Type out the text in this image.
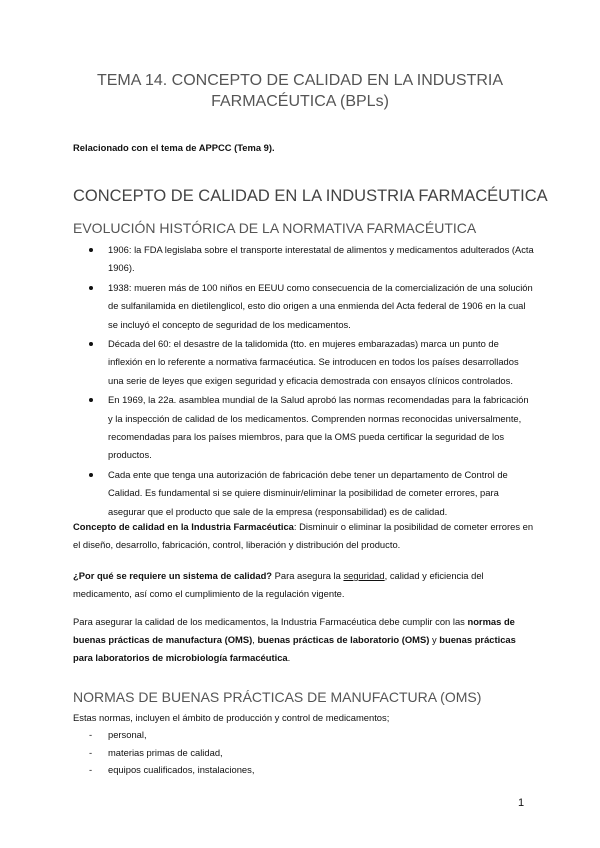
TEMA 14. CONCEPTO DE CALIDAD EN LA INDUSTRIA
FARMACÉUTICA (BPLs)
Relacionado con el tema de APPCC (Tema 9).
CONCEPTO DE CALIDAD EN LA INDUSTRIA FARMACÉUTICA
EVOLUCIÓN HISTÓRICA DE LA NORMATIVA FARMACÉUTICA
1906: la FDA legislaba sobre el transporte interestatal de alimentos y medicamentos adulterados (Acta 1906).
1938: mueren más de 100 niños en EEUU como consecuencia de la comercialización de una solución de sulfanilamida en dietilenglicol, esto dio origen a una enmienda del Acta federal de 1906 en la cual se incluyó el concepto de seguridad de los medicamentos.
Década del 60: el desastre de la talidomida (tto. en mujeres embarazadas) marca un punto de inflexión en lo referente a normativa farmacéutica. Se introducen en todos los países desarrollados una serie de leyes que exigen seguridad y eficacia demostrada con ensayos clínicos controlados.
En 1969, la 22a. asamblea mundial de la Salud aprobó las normas recomendadas para la fabricación y la inspección de calidad de los medicamentos. Comprenden normas reconocidas universalmente, recomendadas para los países miembros, para que la OMS pueda certificar la seguridad de los productos.
Cada ente que tenga una autorización de fabricación debe tener un departamento de Control de Calidad. Es fundamental si se quiere disminuir/eliminar la posibilidad de cometer errores, para asegurar que el producto que sale de la empresa (responsabilidad) es de calidad.
Concepto de calidad en la Industria Farmacéutica: Disminuir o eliminar la posibilidad de cometer errores en el diseño, desarrollo, fabricación, control, liberación y distribución del producto.
¿Por qué se requiere un sistema de calidad? Para asegura la seguridad, calidad y eficiencia del medicamento, así como el cumplimiento de la regulación vigente.
Para asegurar la calidad de los medicamentos, la Industria Farmacéutica debe cumplir con las normas de buenas prácticas de manufactura (OMS), buenas prácticas de laboratorio (OMS) y buenas prácticas para laboratorios de microbiología farmacéutica.
NORMAS DE BUENAS PRÁCTICAS DE MANUFACTURA (OMS)
Estas normas, incluyen el ámbito de producción y control de medicamentos;
- personal,
- materias primas de calidad,
- equipos cualificados, instalaciones,
1
